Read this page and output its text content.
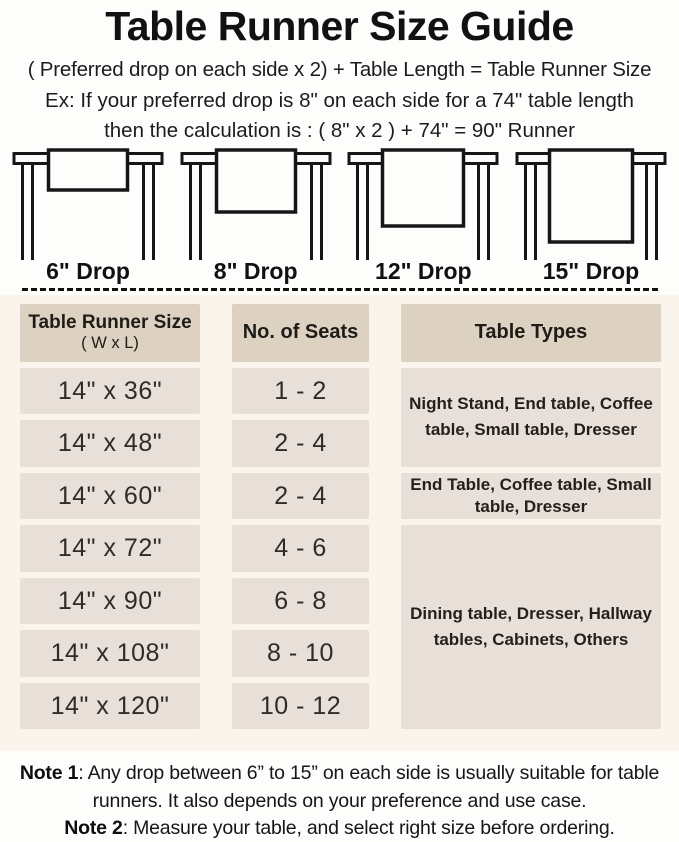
Table Runner Size Guide
( Preferred drop on each side x 2) + Table Length = Table Runner Size
Ex: If your preferred drop is 8" on each side for a 74" table length
then the calculation is : ( 8" x 2 ) + 74" = 90" Runner
6" Drop	8" Drop	12" Drop	15" Drop
Table Runner Size
( W x L)	No. of Seats	Table Types
14" x 36"	1 - 2	Night Stand, End table, Coffee table, Small table, Dresser
14" x 48"	2 - 4
14" x 60"	2 - 4	End Table, Coffee table, Small table, Dresser
14" x 72"	4 - 6
Dining table, Dresser, Hallway tables, Cabinets, Others
14" x 90"	6 - 8
14" x 108"	8 - 10
14" x 120"	10 - 12
Note 1: Any drop between 6” to 15” on each side is usually suitable for table runners. It also depends on your preference and use case.
Note 2: Measure your table, and select right size before ordering.
